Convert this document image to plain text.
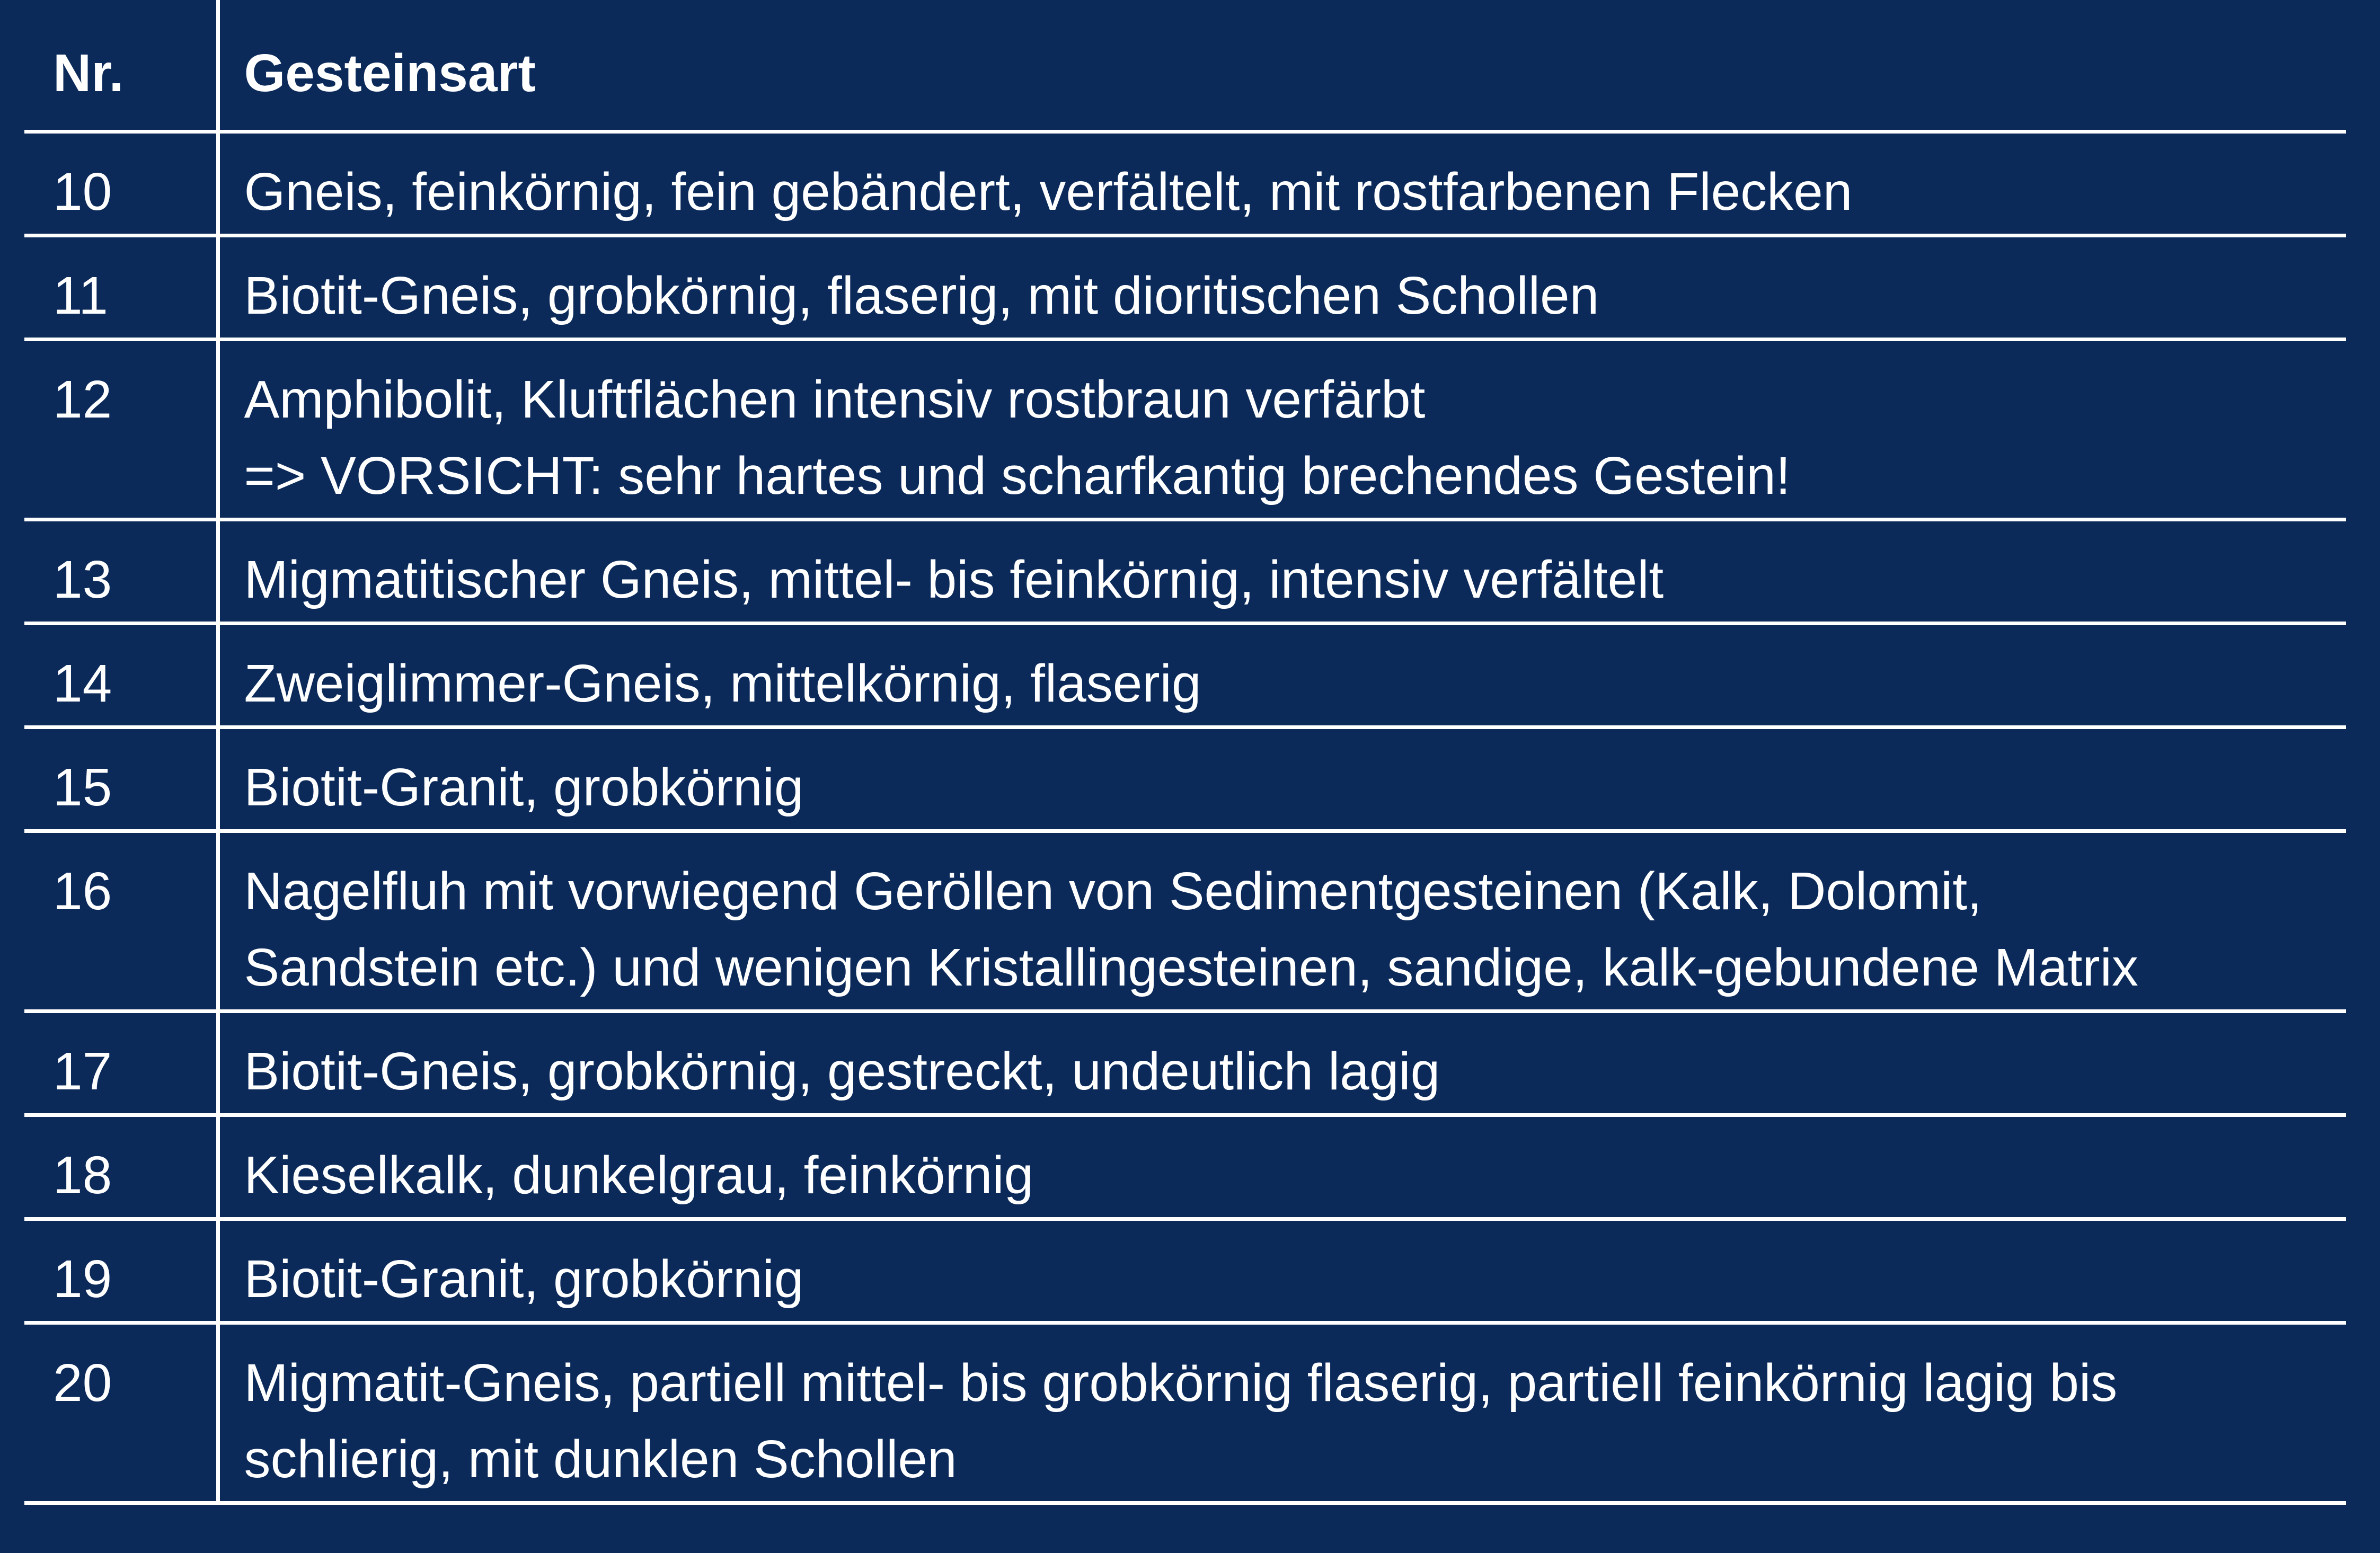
Nr.	Gesteinsart
10	Gneis, feinkörnig, fein gebändert, verfältelt, mit rostfarbenen Flecken

11	Biotit-Gneis, grobkörnig, flaserig, mit dioritischen Schollen

12	Amphibolit, Kluftflächen intensiv rostbraun verfärbt
=> VORSICHT: sehr hartes und scharfkantig brechendes Gestein!

13	Migmatitischer Gneis, mittel- bis feinkörnig, intensiv verfältelt

14	Zweiglimmer-Gneis, mittelkörnig, flaserig

15	Biotit-Granit, grobkörnig

16	Nagelfluh mit vorwiegend Geröllen von Sedimentgesteinen (Kalk, Dolomit,
Sandstein etc.) und wenigen Kristallingesteinen, sandige, kalk-gebundene Matrix

17	Biotit-Gneis, grobkörnig, gestreckt, undeutlich lagig

18	Kieselkalk, dunkelgrau, feinkörnig

19	Biotit-Granit, grobkörnig

20	Migmatit-Gneis, partiell mittel- bis grobkörnig flaserig, partiell feinkörnig lagig bis
schlierig, mit dunklen Schollen
